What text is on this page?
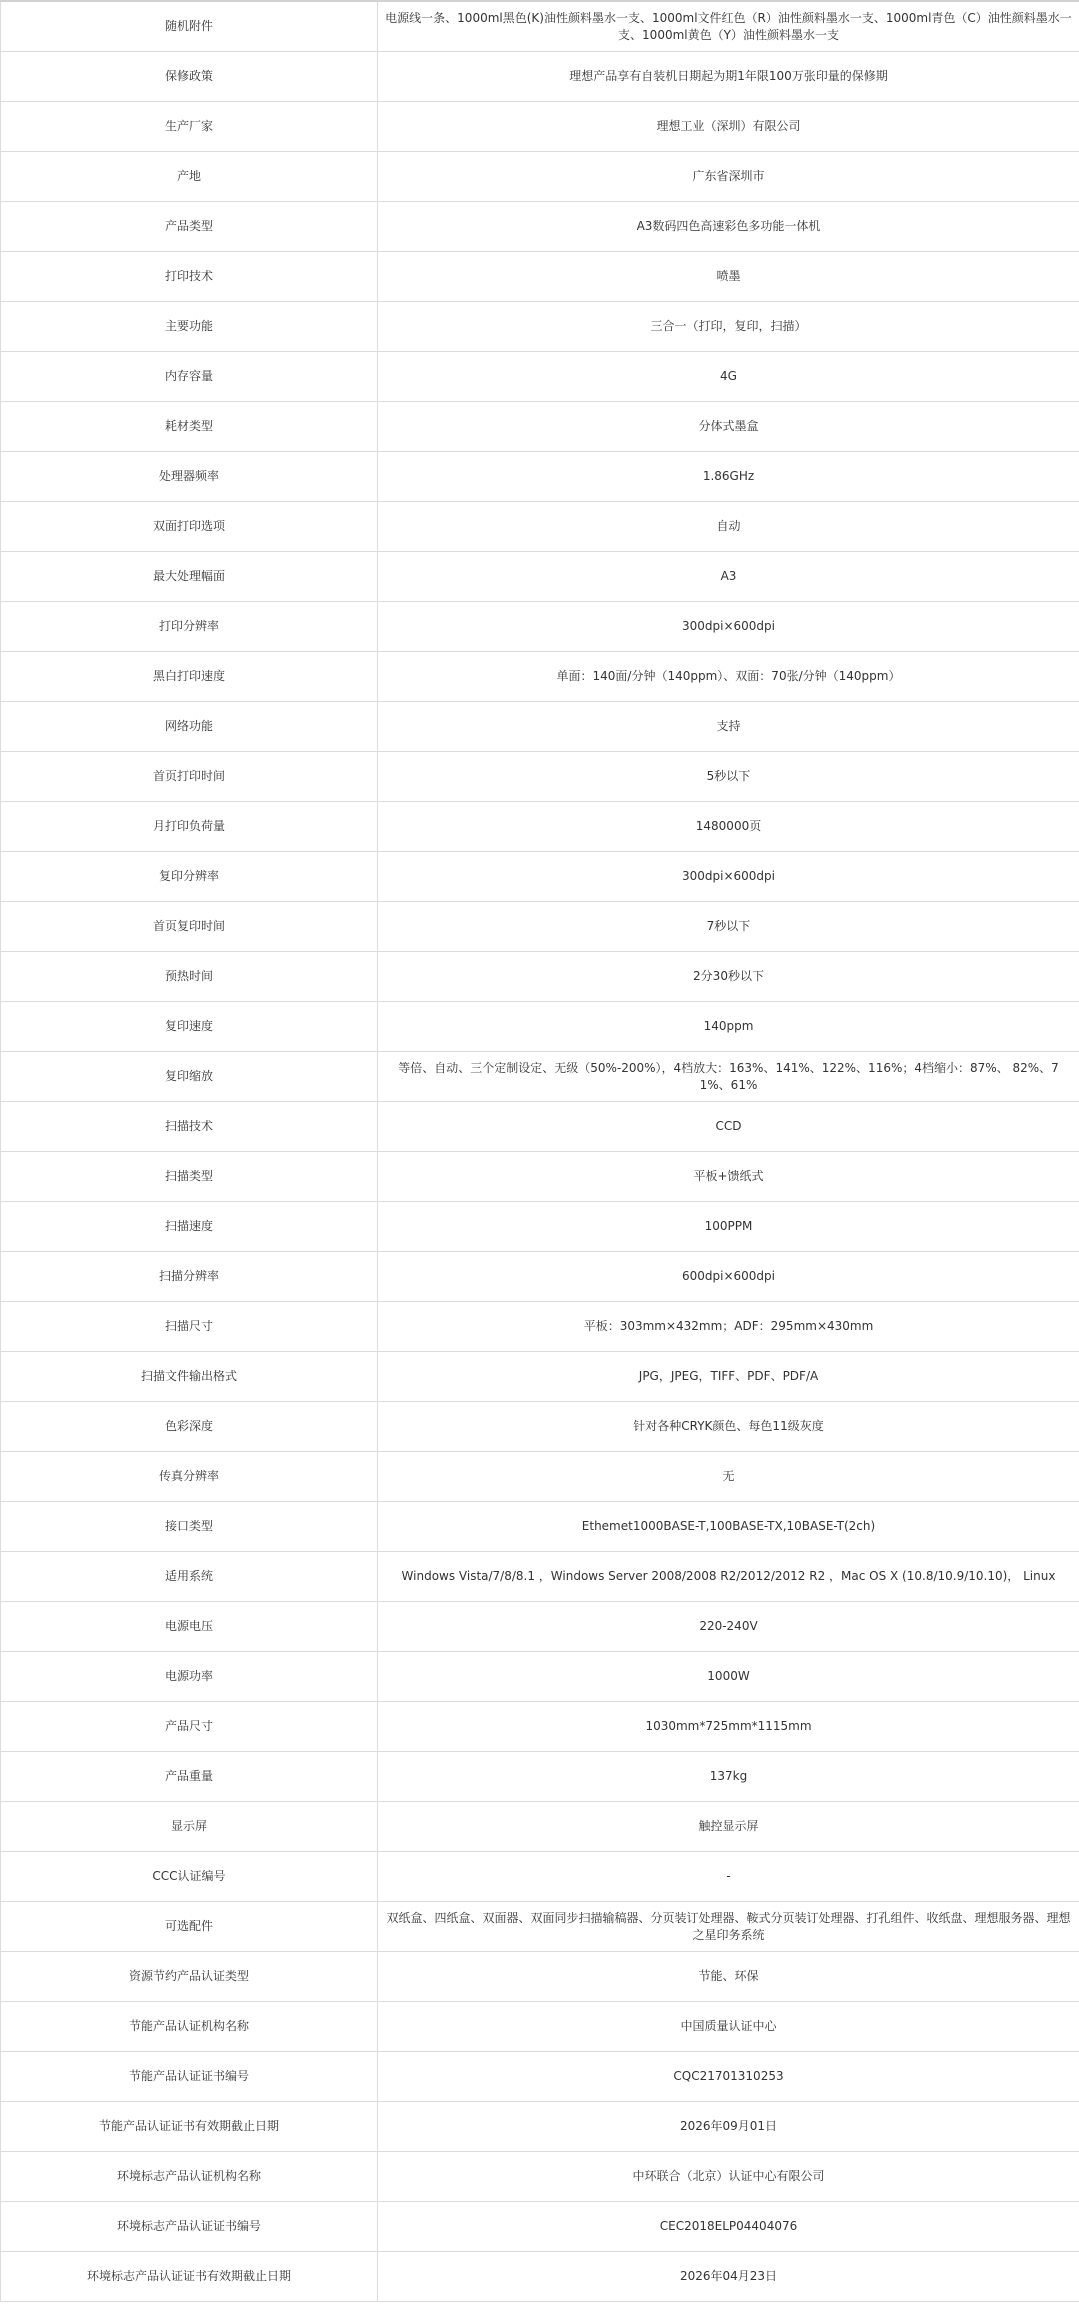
随机附件	电源线一条、1000ml黑色(K)油性颜料墨水一支、1000ml文件红色（R）油性颜料墨水一支、1000ml青色（C）油性颜料墨水一支、1000ml黄色（Y）油性颜料墨水一支
保修政策	理想产品享有自装机日期起为期1年限100万张印量的保修期
生产厂家	理想工业（深圳）有限公司
产地	广东省深圳市
产品类型	A3数码四色高速彩色多功能一体机
打印技术	喷墨
主要功能	三合一（打印，复印，扫描）
内存容量	4G
耗材类型	分体式墨盒
处理器频率	1.86GHz
双面打印选项	自动
最大处理幅面	A3
打印分辨率	300dpi×600dpi
黑白打印速度	单面：140面/分钟（140ppm）、双面：70张/分钟（140ppm）
网络功能	支持
首页打印时间	5秒以下
月打印负荷量	1480000页
复印分辨率	300dpi×600dpi
首页复印时间	7秒以下
预热时间	2分30秒以下
复印速度	140ppm
复印缩放	等倍、自动、三个定制设定、无级（50%-200%），4档放大：163%、141%、122%、116%；4档缩小：87%、 82%、71%、61%
扫描技术	CCD
扫描类型	平板+馈纸式
扫描速度	100PPM
扫描分辨率	600dpi×600dpi
扫描尺寸	平板：303mm×432mm；ADF：295mm×430mm
扫描文件输出格式	JPG，JPEG，TIFF、PDF、PDF/A
色彩深度	针对各种CRYK颜色、每色11级灰度
传真分辨率	无
接口类型	Ethemet1000BASE-T,100BASE-TX,10BASE-T(2ch)
适用系统	Windows Vista/7/8/8.1 ，Windows Server 2008/2008 R2/2012/2012 R2 ，Mac OS X (10.8/10.9/10.10)， Linux
电源电压	220-240V
电源功率	1000W
产品尺寸	1030mm*725mm*1115mm
产品重量	137kg
显示屏	触控显示屏
CCC认证编号	-
可选配件	双纸盒、四纸盒、双面器、双面同步扫描输稿器、分页装订处理器、鞍式分页装订处理器、打孔组件、收纸盘、理想服务器、理想之星印务系统
资源节约产品认证类型	节能、环保
节能产品认证机构名称	中国质量认证中心
节能产品认证证书编号	CQC21701310253
节能产品认证证书有效期截止日期	2026年09月01日
环境标志产品认证机构名称	中环联合（北京）认证中心有限公司
环境标志产品认证证书编号	CEC2018ELP04404076
环境标志产品认证证书有效期截止日期	2026年04月23日
